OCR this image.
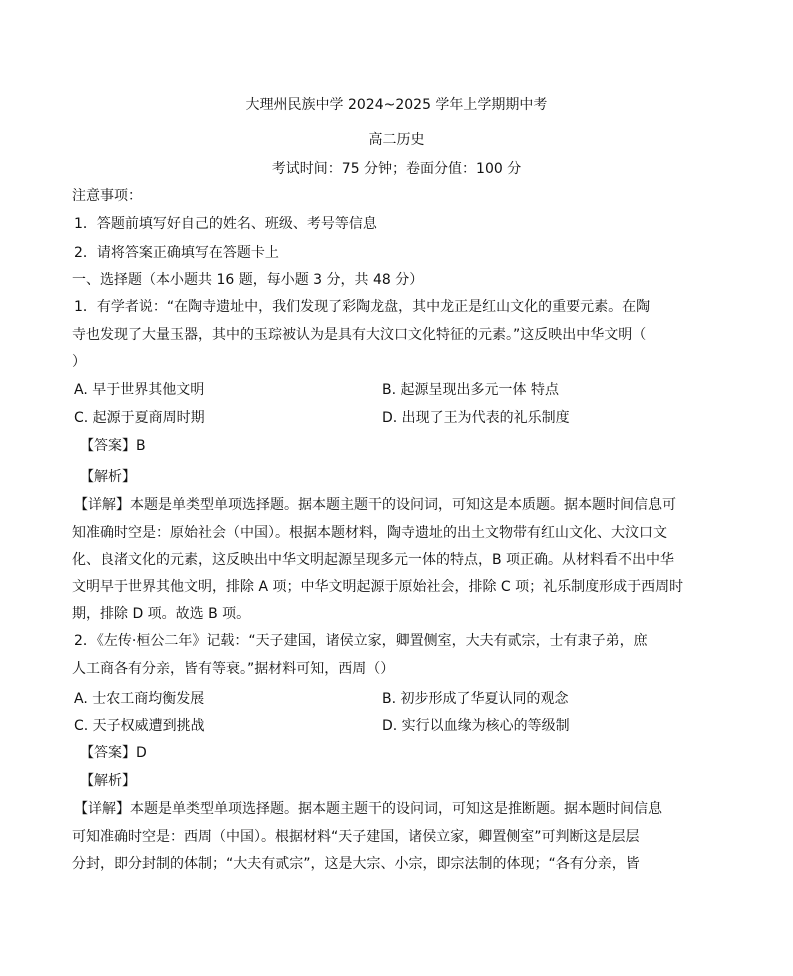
大理州民族中学 2024~2025 学年上学期期中考
高二历史
考试时间：75 分钟；卷面分值：100 分
注意事项：
1．答题前填写好自己的姓名、班级、考号等信息
2．请将答案正确填写在答题卡上
一、选择题（本小题共 16 题，每小题 3 分，共 48 分）
1．有学者说：“在陶寺遗址中，我们发现了彩陶龙盘，其中龙正是红山文化的重要元素。在陶
寺也发现了大量玉器，其中的玉琮被认为是具有大汶口文化特征的元素。”这反映出中华文明（
）
A. 早于世界其他文明	B. 起源呈现出多元一体 特点
C. 起源于夏商周时期	D. 出现了王为代表的礼乐制度
【答案】B
【解析】
【详解】本题是单类型单项选择题。据本题主题干的设问词，可知这是本质题。据本题时间信息可
知准确时空是：原始社会（中国）。根据本题材料，陶寺遗址的出土文物带有红山文化、大汶口文
化、良渚文化的元素，这反映出中华文明起源呈现多元一体的特点，B 项正确。从材料看不出中华
文明早于世界其他文明，排除 A 项；中华文明起源于原始社会，排除 C 项；礼乐制度形成于西周时
期，排除 D 项。故选 B 项。
2．《左传·桓公二年》记载：“天子建国，诸侯立家，卿置侧室，大夫有贰宗，士有隶子弟，庶
人工商各有分亲，皆有等衰。”据材料可知，西周（）
A. 士农工商均衡发展	B. 初步形成了华夏认同的观念
C. 天子权威遭到挑战	D. 实行以血缘为核心的等级制
【答案】D
【解析】
【详解】本题是单类型单项选择题。据本题主题干的设问词，可知这是推断题。据本题时间信息
可知准确时空是：西周（中国）。根据材料“天子建国，诸侯立家，卿置侧室”可判断这是层层
分封，即分封制的体制；“大夫有贰宗”，这是大宗、小宗，即宗法制的体现；“各有分亲，皆
